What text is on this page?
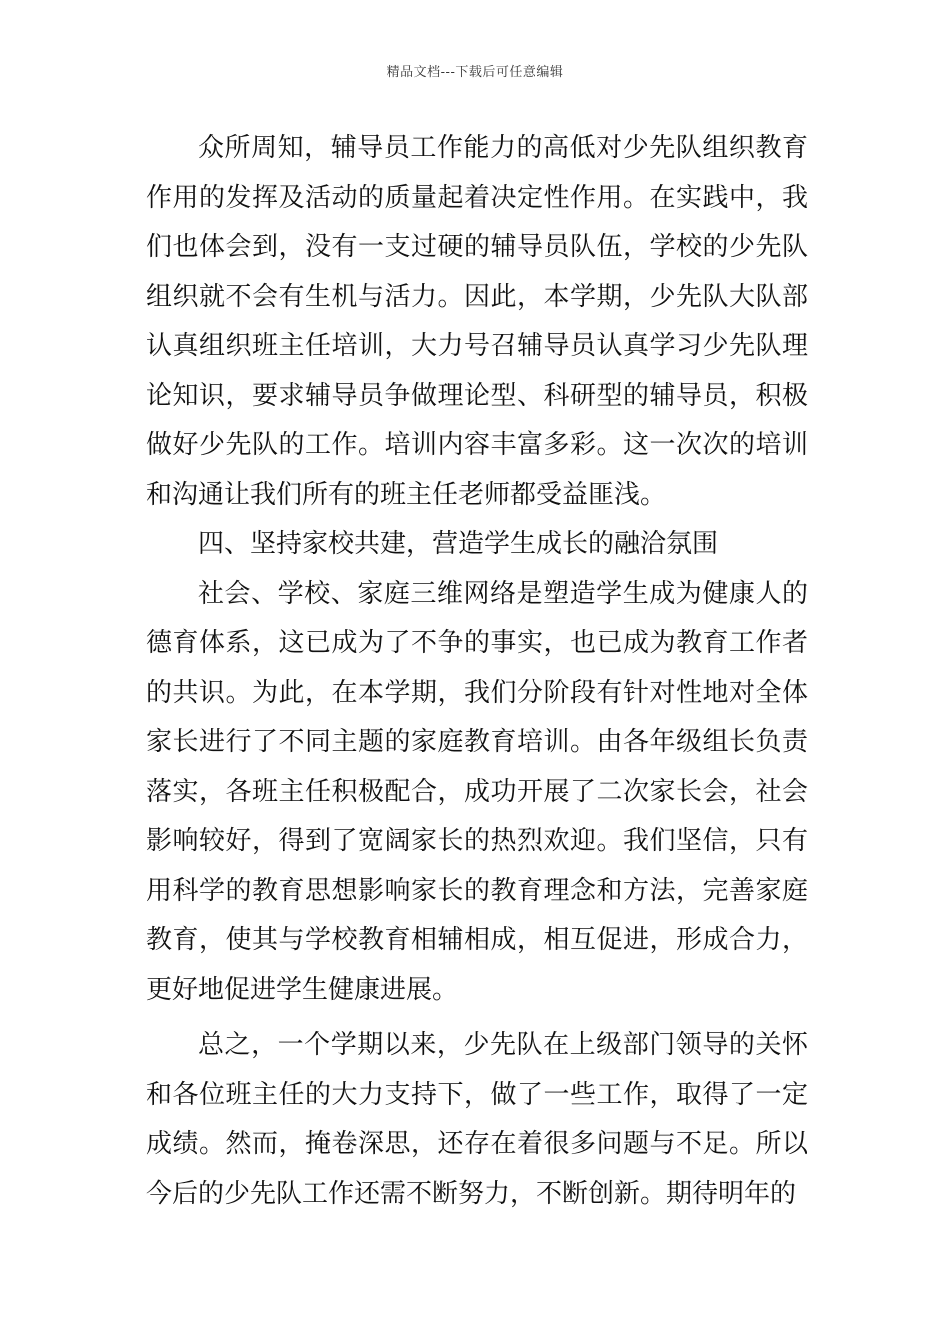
精品文档---下载后可任意编辑

众所周知，辅导员工作能力的高低对少先队组织教育作用的发挥及活动的质量起着决定性作用。在实践中，我们也体会到，没有一支过硬的辅导员队伍，学校的少先队组织就不会有生机与活力。因此，本学期，少先队大队部认真组织班主任培训，大力号召辅导员认真学习少先队理论知识，要求辅导员争做理论型、科研型的辅导员，积极做好少先队的工作。培训内容丰富多彩。这一次次的培训和沟通让我们所有的班主任老师都受益匪浅。

四、坚持家校共建，营造学生成长的融洽氛围

社会、学校、家庭三维网络是塑造学生成为健康人的德育体系，这已成为了不争的事实，也已成为教育工作者的共识。为此，在本学期，我们分阶段有针对性地对全体家长进行了不同主题的家庭教育培训。由各年级组长负责落实，各班主任积极配合，成功开展了二次家长会，社会影响较好，得到了宽阔家长的热烈欢迎。我们坚信，只有用科学的教育思想影响家长的教育理念和方法，完善家庭教育，使其与学校教育相辅相成，相互促进，形成合力，更好地促进学生健康进展。

总之，一个学期以来，少先队在上级部门领导的关怀和各位班主任的大力支持下，做了一些工作，取得了一定成绩。然而，掩卷深思，还存在着很多问题与不足。所以今后的少先队工作还需不断努力，不断创新。期待明年的
